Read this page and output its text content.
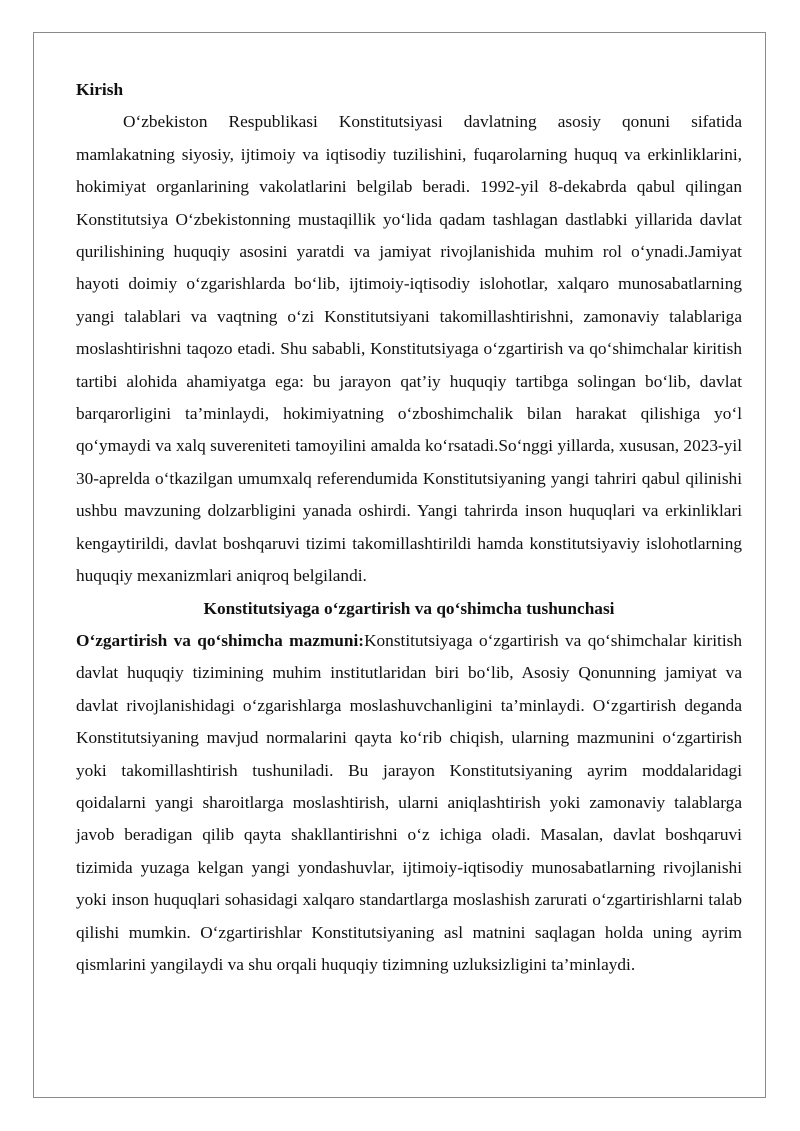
Kirish

O‘zbekiston Respublikasi Konstitutsiyasi davlatning asosiy qonuni sifatida mamlakatning siyosiy, ijtimoiy va iqtisodiy tuzilishini, fuqarolarning huquq va erkinliklarini, hokimiyat organlarining vakolatlarini belgilab beradi. 1992-yil 8-dekabrda qabul qilingan Konstitutsiya O‘zbekistonning mustaqillik yo‘lida qadam tashlagan dastlabki yillarida davlat qurilishining huquqiy asosini yaratdi va jamiyat rivojlanishida muhim rol o‘ynadi.Jamiyat hayoti doimiy o‘zgarishlarda bo‘lib, ijtimoiy-iqtisodiy islohotlar, xalqaro munosabatlarning yangi talablari va vaqtning o‘zi Konstitutsiyani takomillashtirishni, zamonaviy talablariga moslashtirishni taqozo etadi. Shu sababli, Konstitutsiyaga o‘zgartirish va qo‘shimchalar kiritish tartibi alohida ahamiyatga ega: bu jarayon qat’iy huquqiy tartibga solingan bo‘lib, davlat barqarorligini ta’minlaydi, hokimiyatning o‘zboshimchalik bilan harakat qilishiga yo‘l qo‘ymaydi va xalq suvereniteti tamoyilini amalda ko‘rsatadi.So‘nggi yillarda, xususan, 2023-yil 30-aprelda o‘tkazilgan umumxalq referendumida Konstitutsiyaning yangi tahriri qabul qilinishi ushbu mavzuning dolzarbligini yanada oshirdi. Yangi tahrirda inson huquqlari va erkinliklari kengaytirildi, davlat boshqaruvi tizimi takomillashtirildi hamda konstitutsiyaviy islohotlarning huquqiy mexanizmlari aniqroq belgilandi.

Konstitutsiyaga o‘zgartirish va qo‘shimcha tushunchasi

O‘zgartirish va qo‘shimcha mazmuni:Konstitutsiyaga o‘zgartirish va qo‘shimchalar kiritish davlat huquqiy tizimining muhim institutlaridan biri bo‘lib, Asosiy Qonunning jamiyat va davlat rivojlanishidagi o‘zgarishlarga moslashuvchanligini ta’minlaydi. O‘zgartirish deganda Konstitutsiyaning mavjud normalarini qayta ko‘rib chiqish, ularning mazmunini o‘zgartirish yoki takomillashtirish tushuniladi. Bu jarayon Konstitutsiyaning ayrim moddalaridagi qoidalarni yangi sharoitlarga moslashtirish, ularni aniqlashtirish yoki zamonaviy talablarga javob beradigan qilib qayta shakllantirishni o‘z ichiga oladi. Masalan, davlat boshqaruvi tizimida yuzaga kelgan yangi yondashuvlar, ijtimoiy-iqtisodiy munosabatlarning rivojlanishi yoki inson huquqlari sohasidagi xalqaro standartlarga moslashish zarurati o‘zgartirishlarni talab qilishi mumkin. O‘zgartirishlar Konstitutsiyaning asl matnini saqlagan holda uning ayrim qismlarini yangilaydi va shu orqali huquqiy tizimning uzluksizligini ta’minlaydi.
